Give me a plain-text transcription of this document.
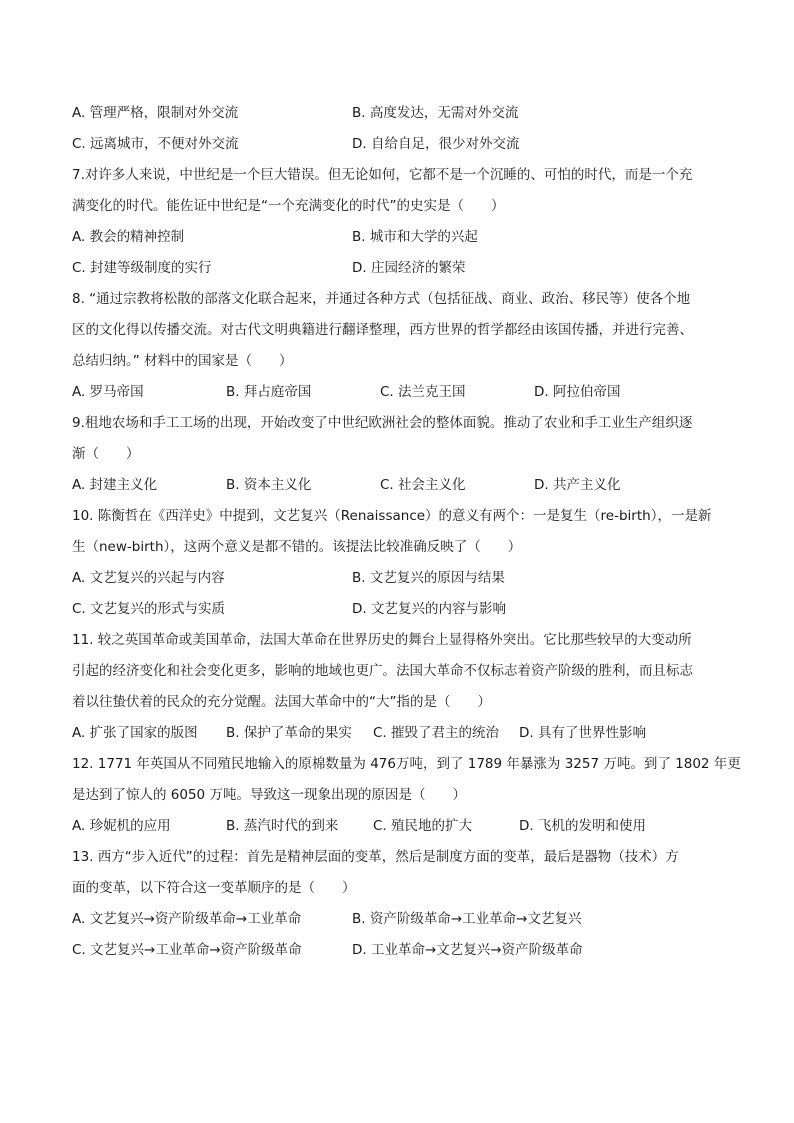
A. 管理严格，限制对外交流	B. 高度发达，无需对外交流
C. 远离城市，不便对外交流	D. 自给自足，很少对外交流
7.对许多人来说，中世纪是一个巨大错误。但无论如何，它都不是一个沉睡的、可怕的时代，而是一个充
满变化的时代。能佐证中世纪是“一个充满变化的时代”的史实是（　　）
A. 教会的精神控制	B. 城市和大学的兴起
C. 封建等级制度的实行	D. 庄园经济的繁荣
8. “通过宗教将松散的部落文化联合起来，并通过各种方式（包括征战、商业、政治、移民等）使各个地
区的文化得以传播交流。对古代文明典籍进行翻译整理，西方世界的哲学都经由该国传播，并进行完善、
总结归纳。” 材料中的国家是（　　）
A. 罗马帝国	B. 拜占庭帝国	C. 法兰克王国	D. 阿拉伯帝国
9.租地农场和手工工场的出现，开始改变了中世纪欧洲社会的整体面貌。推动了农业和手工业生产组织逐
渐（　　）
A. 封建主义化	B. 资本主义化	C. 社会主义化	D. 共产主义化
10. 陈衡哲在《西洋史》中提到，文艺复兴（Renaissance）的意义有两个：一是复生（re-birth），一是新
生（new-birth），这两个意义是都不错的。该提法比较准确反映了（　　）
A. 文艺复兴的兴起与内容	B. 文艺复兴的原因与结果
C. 文艺复兴的形式与实质	D. 文艺复兴的内容与影响
11. 较之英国革命或美国革命，法国大革命在世界历史的舞台上显得格外突出。它比那些较早的大变动所
引起的经济变化和社会变化更多，影响的地域也更广。法国大革命不仅标志着资产阶级的胜利，而且标志
着以往蛰伏着的民众的充分觉醒。法国大革命中的“大”指的是（　　）
A. 扩张了国家的版图	B. 保护了革命的果实	C. 摧毁了君主的统治	D. 具有了世界性影响
12. 1771 年英国从不同殖民地输入的原棉数量为 476万吨，到了 1789 年暴涨为 3257 万吨。到了 1802 年更
是达到了惊人的 6050 万吨。导致这一现象出现的原因是（　　）
A. 珍妮机的应用	B. 蒸汽时代的到来	C. 殖民地的扩大	D. 飞机的发明和使用
13. 西方“步入近代”的过程：首先是精神层面的变革，然后是制度方面的变革，最后是器物（技术）方
面的变革，以下符合这一变革顺序的是（　　）
A. 文艺复兴→资产阶级革命→工业革命	B. 资产阶级革命→工业革命→文艺复兴
C. 文艺复兴→工业革命→资产阶级革命	D. 工业革命→文艺复兴→资产阶级革命
